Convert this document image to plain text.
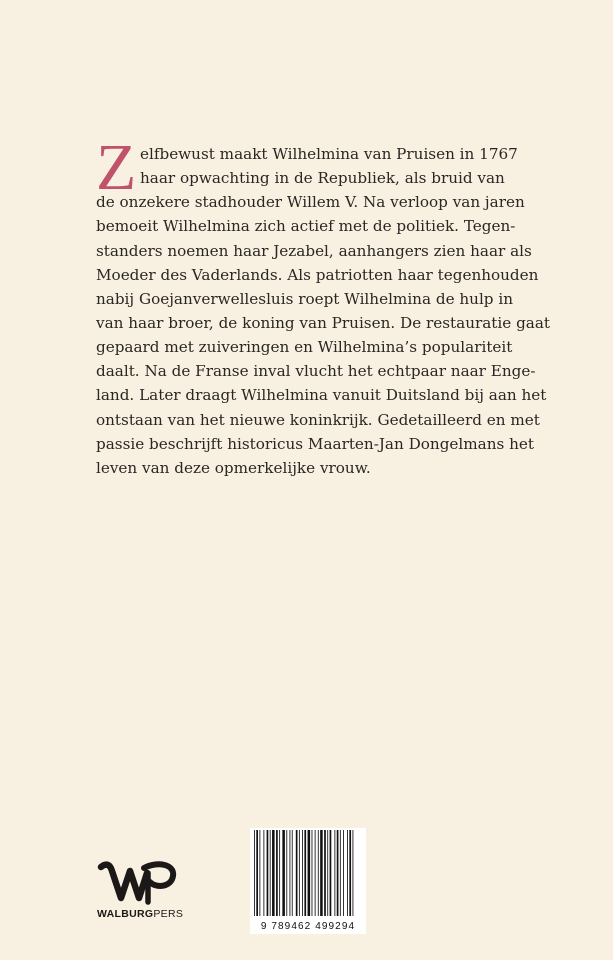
Z elfbewust maakt Wilhelmina van Pruisen in 1767
haar opwachting in de Republiek, als bruid van
de onzekere stadhouder Willem V. Na verloop van jaren
bemoeit Wilhelmina zich actief met de politiek. Tegen-
standers noemen haar Jezabel, aanhangers zien haar als
Moeder des Vaderlands. Als patriotten haar tegenhouden
nabij Goejanverwellesluis roept Wilhelmina de hulp in
van haar broer, de koning van Pruisen. De restauratie gaat
gepaard met zuiveringen en Wilhelmina’s populariteit
daalt. Na de Franse inval vlucht het echtpaar naar Enge-
land. Later draagt Wilhelmina vanuit Duitsland bij aan het
ontstaan van het nieuwe koninkrijk. Gedetailleerd en met
passie beschrijft historicus Maarten-Jan Dongelmans het
leven van deze opmerkelijke vrouw.
WALBURGPERS
9 789462 499294
